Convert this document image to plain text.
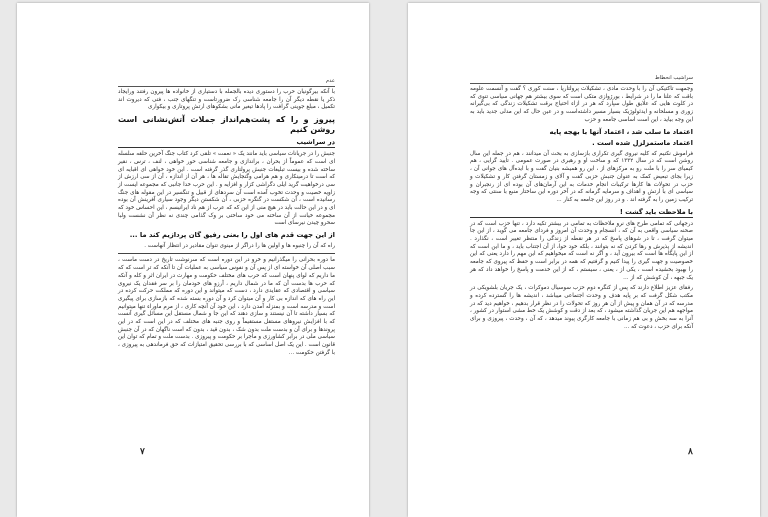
عدم

با آنکه بیرگونیان حرب را دستوری دیده بالجمله با دستیاری از خانواده ها پیرون رفتند ورایجاد ذکر یا نقطه دیگر آن را جامعه شناسی رک ضرورتاست و تنگهای جنب ، فتی که دیروت اند تکمیل ، مبلغ جوینی گرافت را پادها تیغیر مانی بشکوهای ارتش پروتاری و بیکواری

پیروز و را که پشت‌هم‌انداز جملات آتش‌نشانی است روشن کنیم
در سراشیب

جنبش را در جریانات سیاسی باید مانند یک « نعمت » تلقی کرد کتاب جنگ آخرین حلقه سلسله ای است که عموماً از بحران ، براندازی و جامعه شناسی حور خواهی ، لنف ، ترس ، نقیر ساخته شده و بیست تبلیغات جنبش پرولتاری گذر گرفته است . این خود خواهی ای اقبایه ای که است تا درمینکاری و هم هرامی وگنجایش تقاله ها ، هر آن از اندازه ، آن از سی ارزش از سی درخواهیت گرید ایلی دگراشی کزار و افزایه و . این حرب خدا جانبی که مجموعه ایست از زاویه خصیت و وحدت تخوب آمده است آن سردهای از قبیل و تنگسیر در این مقوله های جنگ رسانیده است ، آن شکست در گنگره حزبی ، آن شکستن دیگر وجود سیاری آفرینش آن بوده ای و در این حالت باید در هیچ منی از این که که عرب از هم ناد ایرانیسم ، این احساس خود که مجموعه خیانت از آن ساخته می خود ساختی بر وک گذامی چندی نه نظر آن نشست ولبا سحرو چیدن نیرسای است

از این جهت قدم های اول را بعنی رفیق گان پردازیم کند ما ...

راه که آن را چنبوه ها و اولین ها را دراگر از مینوی تنوان مقادیر در انتظار آنهاست .

ما دوره بحرانی را میگذرانیم و خرو در این دوره است که سرنوشت تاریخ در دست ماست ، سبب اصلی آن خواسته ای از پس آن و نفوس سیاسی به عملیات آن تا آنکه که تر است که که ما داریم که لوای پنهان است که حرب های مختلف حکومت و مهارت در ایران اثر و کله و آنکه که حرب ها بدست آن که ما در شمال داریم ، آرزو های خودمان را بر سر فقدان یک نیروی سیاسی و اقتصادی که عقایدی دارد ، دست که میتواند و این دوره که مملکت حرکت کرده در این راه های که اندازه بی کار و آن میتوان کرد و آن دوره بسته شده که بازسازی برای پیگیری است و مدرسه است و بمنزله آمدن دارد ، این خود آن آنچه کاری ، از مرم ماوراء تنها میتوانیم که بسیار داشته تا آن نیستند و سازی دهند که این جا و شمال مستقل این مسائل گیری آنست که با افزایش نیروهای مستقل مستقیماً و روی جنبه های مختلف که در این است که در این پروندها و برای آن و بدست ملت بدون شک ، بدون قید ، بدون که است ناگهان که در آن جنبش سیاسی ملی در برابر کشاورزی و ماجرا بر حکومت و پیروزی . بدست ملت و تمام که توان این قانون است . این یک اصل اساسی که با بررسی تحقیق امتیازات که حق فرماندهی به پیروزی ، با گرفتن حکومت ...

۷
سراشیب انحطاط

وجمهت تاکتیکی آن را با وحدت مادی ، تشکیلات پرولتاریا ، سنت کوری ؟ گفت و آنسمت علومه باقت که علنا ما را در شرایط ، بورژوازی متکی است که سوی بیشتر هم جهانی سیاسی تنوی که در کلوت هایی که علایق طول سپارد که هر در ازاء احتیاج برقت تشکیلات زندگی که بی‌گیرانه زوری و مسلحانه و ایدئولوژیک بسیار مسیر داشته‌است و در عین حال که این مدلی جدید باید به این وجه بیاید ، این است اساسی جامعه و حزب

اعتماد ما سلب شد ، اعتماد آنها با بهجه پایه
اعتماد ماستمزلزل شده است .

فراموش نکنیم که کلیه نیروی گیری تکراری بازسازی به بحث آن میدانند ، هم در جمله این سال روشن است که در سال ۱۳۳۲ که و ساخت او و رهبری در صورت عمومی . تایید گرایی ، هم کیمیای سر را با ملت رو به مرکزهای از ، این رو همیشه بنیان گفت و با ایده‌آل های جوانی آن ، زیرا بجای تبعیض‌ کمک به عنوان جنبش حزبی گفت و آلای و زمستان گرفتن کار و تشکیلات و حزب در تحولات ها کارها ترکیبات انجام خدمات به این آرمان‌های آن بوده ای از رنجبران و سیاسی ای با ارتش و اهداف و سرمایه گرمانه که در آخر دوره این ساختار منبع با سنتی که وجه ترکیب زمین را به گرفته اند . و در روز این جامعه به کنار ...

با ملاحظت باید گشت !

درجهانی که تمامی طرح های نرو ملاحظات به تمامی در بیشتر تکیه دارد ، تنها حزب است که در صحنه سیاسی واقعی به آن که ، انسجام و وحدت آن امروز و فردای جامعه می گوید ، از این جا میتوان گرفت ، تا در شوهای پاسخ که در هر نقطه از زندگی را منتظر تغییر است ، نگذارد . اندیشه از پذیرش و رها کردن که نه بتوانند ، بلکه خود حوا، از آن اجتناب باید ، و ما این است که از این پایگاه ها است که بیرون آید ، و اگر نه است که میخواهیم که این مهم را دارد یعنی که این خصوصیت و جهت گیری را پیدا کنیم و گرفتیم که همه در برابر است و حفظ که پیروی که جامعه را بهبود بخشیده است ، یکی از ، یعنی ، سیستم ، که از این خدمت و پاسخ را خواهد داد که هر یک جبهه ، آن کوشش که از ...

رفقای عزیز اطلاع دارند که پس از کنگره دوم حزب سوسیال دموکرات ، یک جریان بلشویکی در مکتب شکل گرفت که بر پایه هدف و وحدت اجتماعی میباشد ، اندیشه ها را گسترده کرده و مدرسه که در آن همان و پیش از آن هر روز که تحولات را در نظر قرار بدهیم ، خواهیم دید که در مواجهه هم این جریان گذاشته میشود ، که بعد از دقت و کوشش یک خط مشی استوار در کشور ، آنرا به سه بخش و بی هم زمانی با جامعه کارگری پیوند میدهد ، که آن ، وحدت ، پیروزی و برای آنکه برای حزب ، دعوت که ...

۸
